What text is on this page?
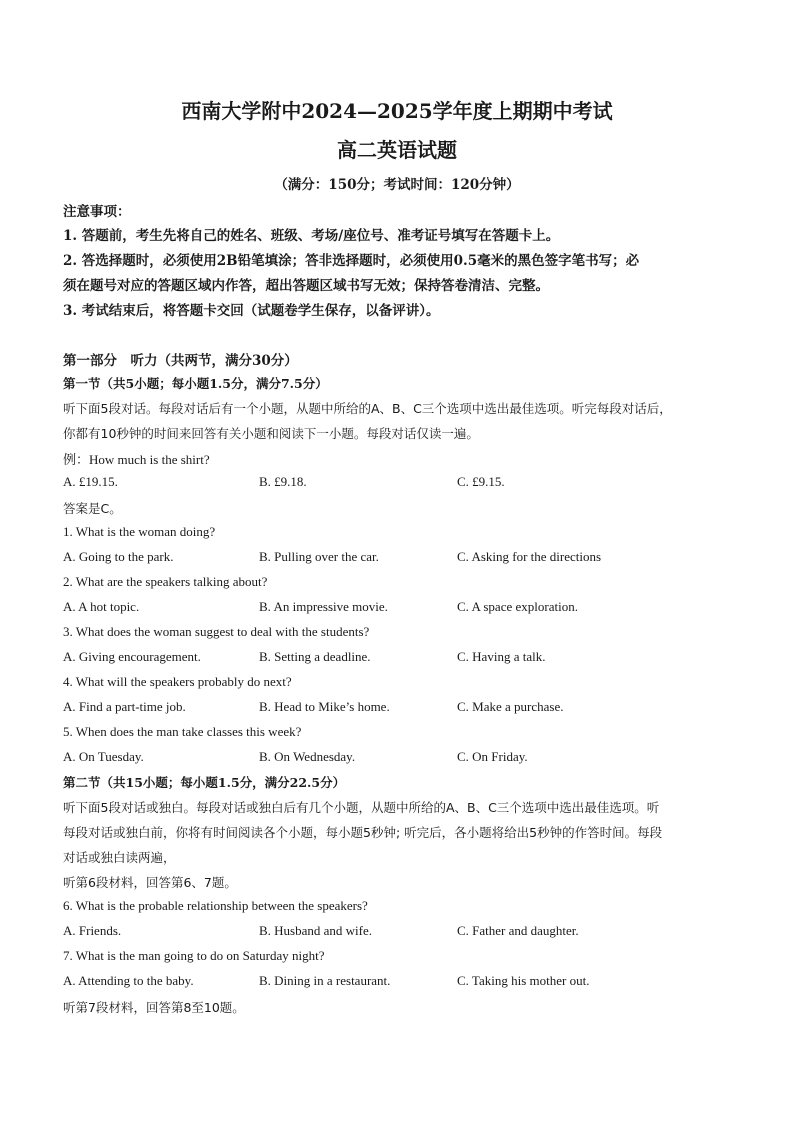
西南大学附中2024—2025学年度上期期中考试
高二英语试题
（满分：150分；考试时间：120分钟）
注意事项：
1. 答题前，考生先将自己的姓名、班级、考场/座位号、准考证号填写在答题卡上。
2. 答选择题时，必须使用2B铅笔填涂；答非选择题时，必须使用0.5毫米的黑色签字笔书写；必
须在题号对应的答题区域内作答，超出答题区域书写无效；保持答卷清洁、完整。
3. 考试结束后，将答题卡交回（试题卷学生保存，以备评讲）。
第一部分　听力（共两节，满分30分）
第一节（共5小题；每小题1.5分，满分7.5分）
听下面5段对话。每段对话后有一个小题，从题中所给的A、B、C三个选项中选出最佳选项。听完每段对话后，
你都有10秒钟的时间来回答有关小题和阅读下一小题。每段对话仅读一遍。
例：How much is the shirt?
A. £19.15.	B. £9.18.	C. £9.15.
答案是C。
1. What is the woman doing?
A. Going to the park.	B. Pulling over the car.	C. Asking for the directions
2. What are the speakers talking about?
A. A hot topic.	B. An impressive movie.	C. A space exploration.
3. What does the woman suggest to deal with the students?
A. Giving encouragement.	B. Setting a deadline.	C. Having a talk.
4. What will the speakers probably do next?
A. Find a part-time job.	B. Head to Mike’s home.	C. Make a purchase.
5. When does the man take classes this week?
A. On Tuesday.	B. On Wednesday.	C. On Friday.
第二节（共15小题；每小题1.5分，满分22.5分）
听下面5段对话或独白。每段对话或独白后有几个小题，从题中所给的A、B、C三个选项中选出最佳选项。听
每段对话或独白前，你将有时间阅读各个小题，每小题5秒钟; 听完后，各小题将给出5秒钟的作答时间。每段
对话或独白读两遍，
听第6段材料，回答第6、7题。
6. What is the probable relationship between the speakers?
A. Friends.	B. Husband and wife.	C. Father and daughter.
7. What is the man going to do on Saturday night?
A. Attending to the baby.	B. Dining in a restaurant.	C. Taking his mother out.
听第7段材料，回答第8至10题。
